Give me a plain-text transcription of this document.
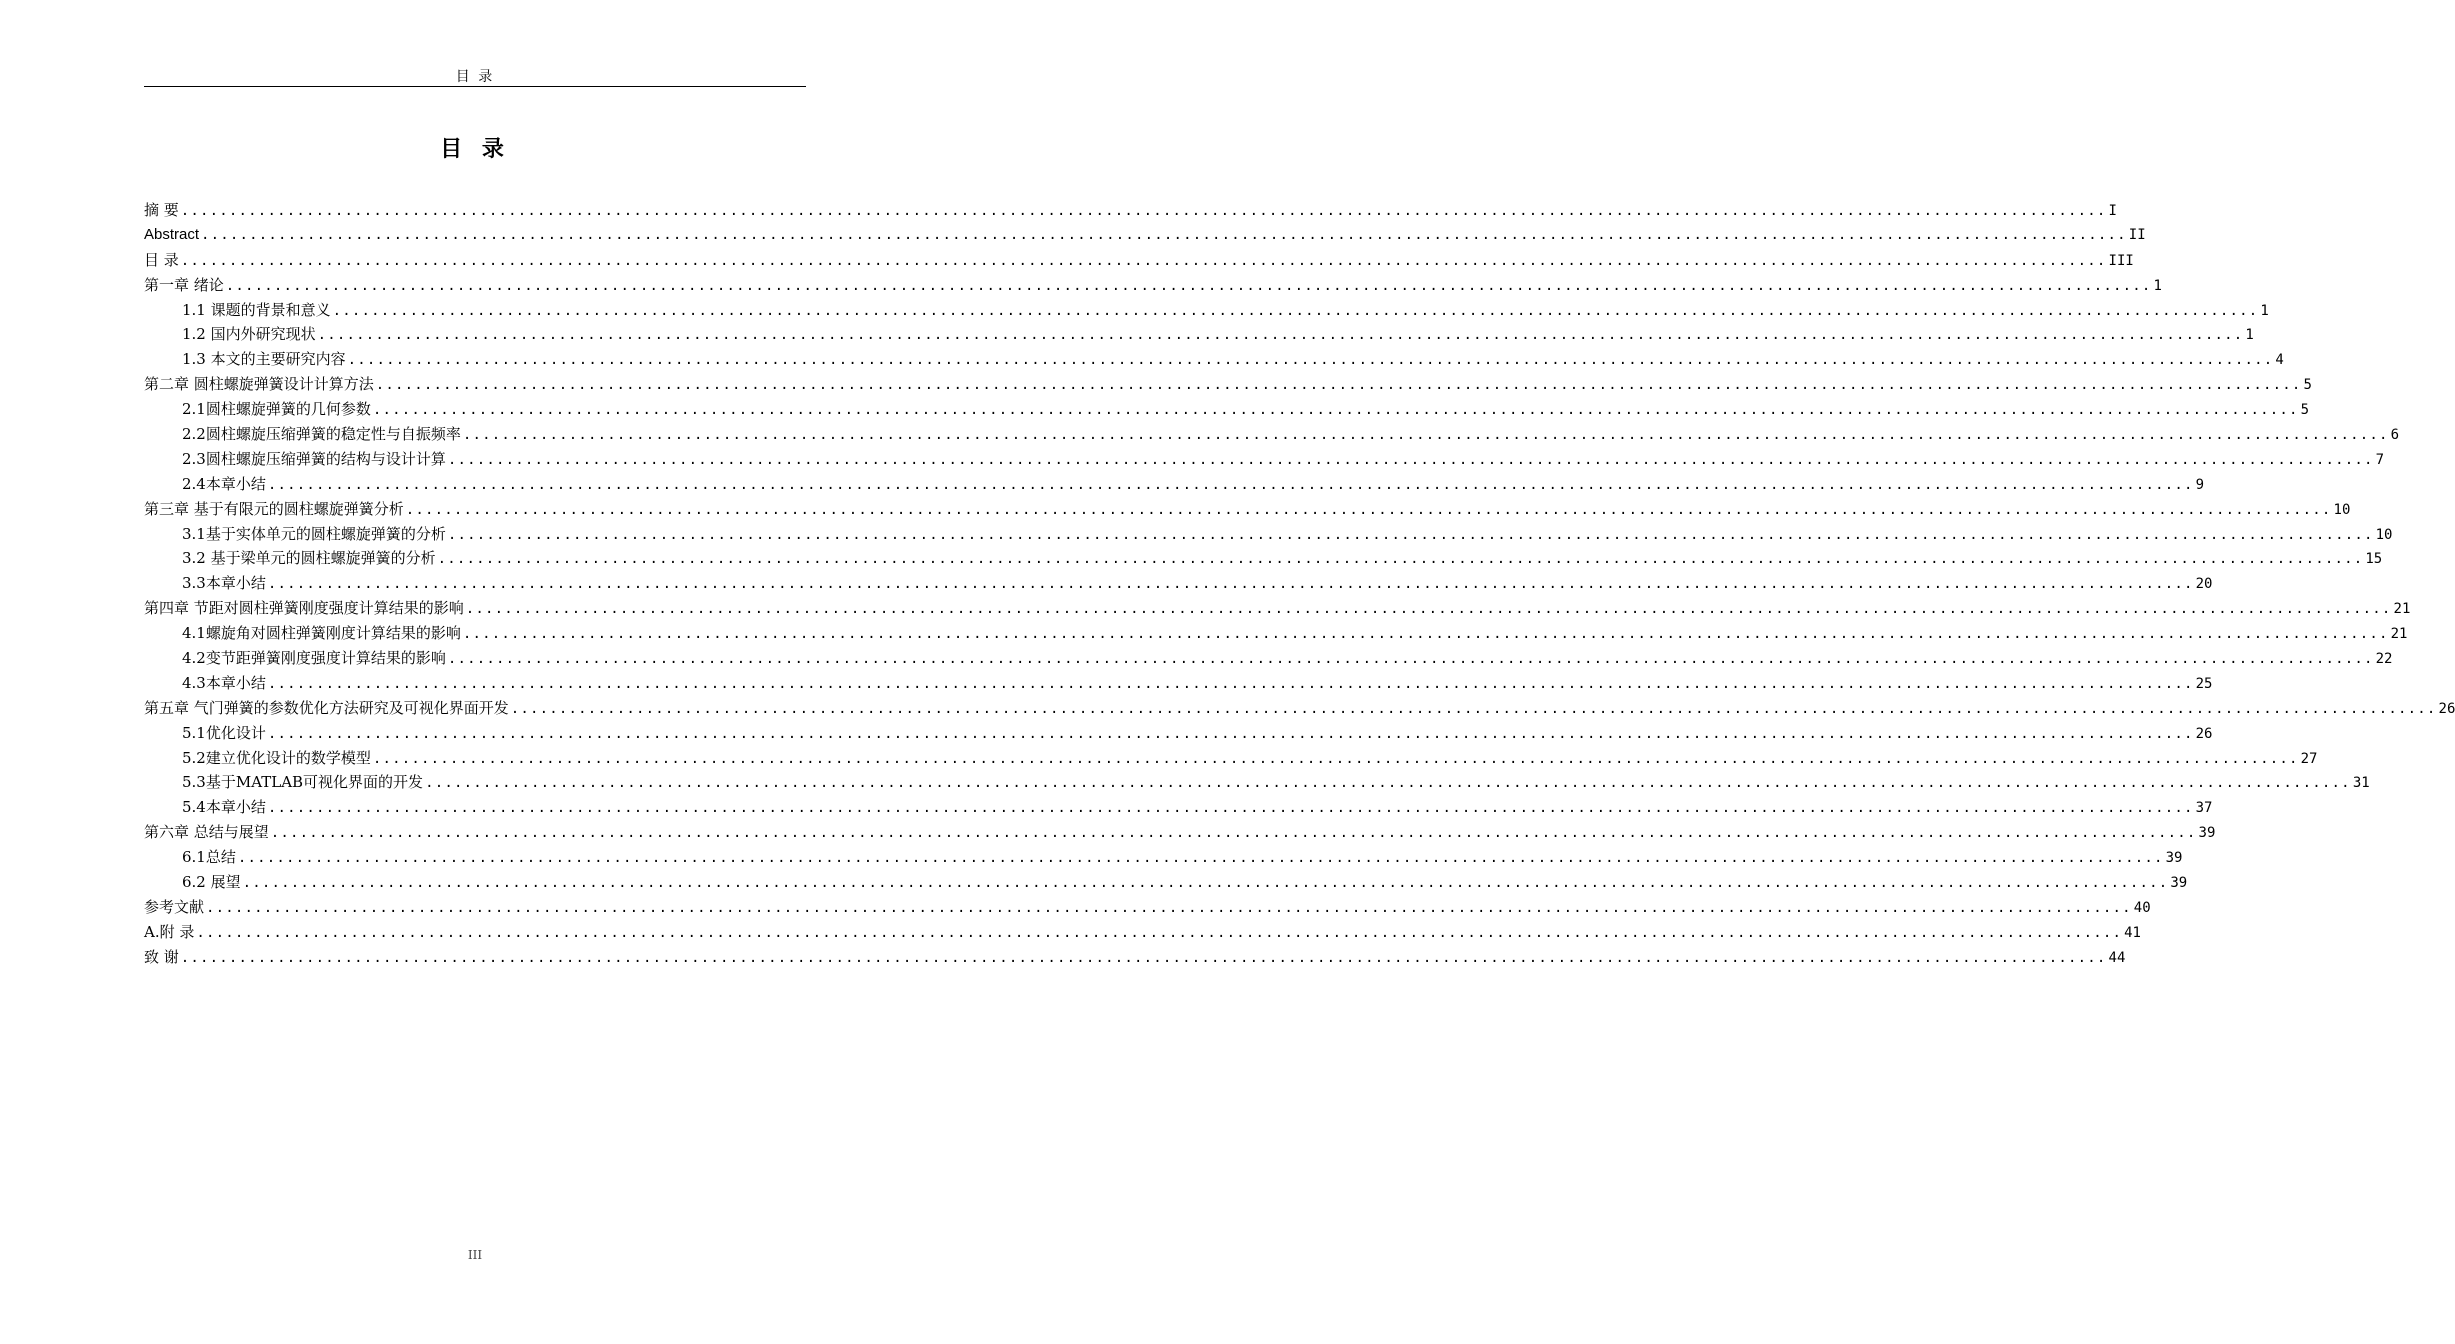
目 录
目 录
摘 要 ........................................................................................................................................................................................................ I
Abstract ........................................................................................................................................................................................................ II
目 录 ........................................................................................................................................................................................................ III
第一章 绪论 ........................................................................................................................................................................................................ 1
1.1 课题的背景和意义 ........................................................................................................................................................................................................ 1
1.2 国内外研究现状 ........................................................................................................................................................................................................ 1
1.3 本文的主要研究内容 ........................................................................................................................................................................................................ 4
第二章 圆柱螺旋弹簧设计计算方法 ........................................................................................................................................................................................................ 5
2.1圆柱螺旋弹簧的几何参数 ........................................................................................................................................................................................................ 5
2.2圆柱螺旋压缩弹簧的稳定性与自振频率 ........................................................................................................................................................................................................ 6
2.3圆柱螺旋压缩弹簧的结构与设计计算 ........................................................................................................................................................................................................ 7
2.4本章小结 ........................................................................................................................................................................................................ 9
第三章 基于有限元的圆柱螺旋弹簧分析 ........................................................................................................................................................................................................ 10
3.1基于实体单元的圆柱螺旋弹簧的分析 ........................................................................................................................................................................................................ 10
3.2 基于梁单元的圆柱螺旋弹簧的分析 ........................................................................................................................................................................................................ 15
3.3本章小结 ........................................................................................................................................................................................................ 20
第四章 节距对圆柱弹簧刚度强度计算结果的影响 ........................................................................................................................................................................................................ 21
4.1螺旋角对圆柱弹簧刚度计算结果的影响 ........................................................................................................................................................................................................ 21
4.2变节距弹簧刚度强度计算结果的影响 ........................................................................................................................................................................................................ 22
4.3本章小结 ........................................................................................................................................................................................................ 25
第五章 气门弹簧的参数优化方法研究及可视化界面开发 ........................................................................................................................................................................................................ 26
5.1优化设计 ........................................................................................................................................................................................................ 26
5.2建立优化设计的数学模型 ........................................................................................................................................................................................................ 27
5.3基于MATLAB可视化界面的开发 ........................................................................................................................................................................................................ 31
5.4本章小结 ........................................................................................................................................................................................................ 37
第六章 总结与展望 ........................................................................................................................................................................................................ 39
6.1总结 ........................................................................................................................................................................................................ 39
6.2 展望 ........................................................................................................................................................................................................ 39
参考文献 ........................................................................................................................................................................................................ 40
A.附 录 ........................................................................................................................................................................................................ 41
致 谢 ........................................................................................................................................................................................................ 44
III
